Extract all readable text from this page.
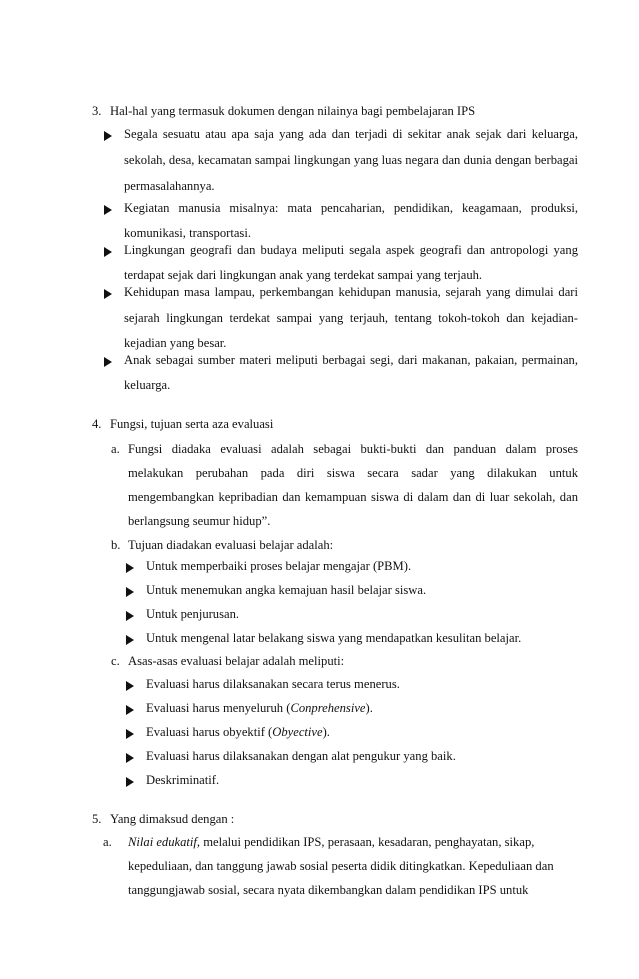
3. Hal-hal yang termasuk dokumen dengan nilainya bagi pembelajaran IPS
Segala sesuatu atau apa saja yang ada dan terjadi di sekitar anak sejak dari keluarga,
sekolah, desa, kecamatan sampai lingkungan yang luas negara dan dunia dengan berbagai
permasalahannya.
Kegiatan manusia misalnya: mata pencaharian, pendidikan, keagamaan, produksi,
komunikasi, transportasi.
Lingkungan geografi dan budaya meliputi segala aspek geografi dan antropologi yang
terdapat sejak dari lingkungan anak yang terdekat sampai yang terjauh.
Kehidupan masa lampau, perkembangan kehidupan manusia, sejarah yang dimulai dari
sejarah lingkungan terdekat sampai yang terjauh, tentang tokoh-tokoh dan kejadian-
kejadian yang besar.
Anak sebagai sumber materi meliputi berbagai segi, dari makanan, pakaian, permainan,
keluarga.
4. Fungsi, tujuan serta aza evaluasi
a. Fungsi diadaka evaluasi adalah sebagai bukti-bukti dan panduan dalam proses
melakukan perubahan pada diri siswa secara sadar yang dilakukan untuk
mengembangkan kepribadian dan kemampuan siswa di dalam dan di luar sekolah, dan
berlangsung seumur hidup”.
b. Tujuan diadakan evaluasi belajar adalah:
Untuk memperbaiki proses belajar mengajar (PBM).
Untuk menemukan angka kemajuan hasil belajar siswa.
Untuk penjurusan.
Untuk mengenal latar belakang siswa yang mendapatkan kesulitan belajar.
c. Asas-asas evaluasi belajar adalah meliputi:
Evaluasi harus dilaksanakan secara terus menerus.
Evaluasi harus menyeluruh (Conprehensive).
Evaluasi harus obyektif (Obyective).
Evaluasi harus dilaksanakan dengan alat pengukur yang baik.
Deskriminatif.
5. Yang dimaksud dengan :
a. Nilai edukatif, melalui pendidikan IPS, perasaan, kesadaran, penghayatan, sikap,
kepeduliaan, dan tanggung jawab sosial peserta didik ditingkatkan. Kepeduliaan dan
tanggungjawab sosial, secara nyata dikembangkan dalam pendidikan IPS untuk
